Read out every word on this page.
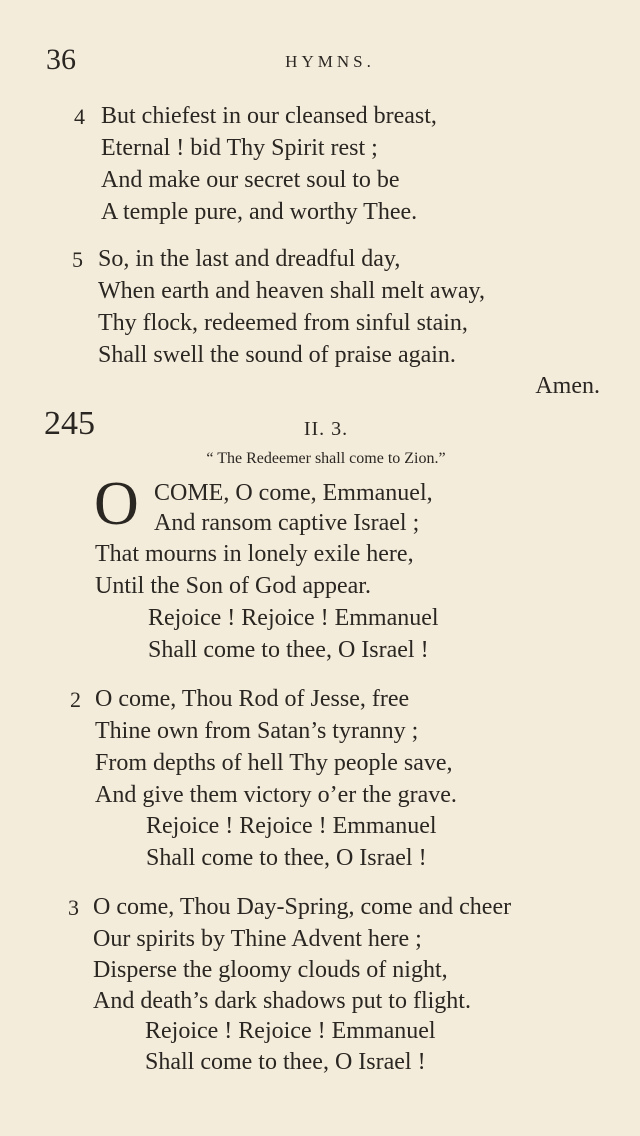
36	HYMNS.
4 But chiefest in our cleansed breast,
Eternal ! bid Thy Spirit rest ;
And make our secret soul to be
A temple pure, and worthy Thee.
5 So, in the last and dreadful day,
When earth and heaven shall melt away,
Thy flock, redeemed from sinful stain,
Shall swell the sound of praise again.
Amen.
245	II. 3.
“ The Redeemer shall come to Zion.”
O COME, O come, Emmanuel,
And ransom captive Israel ;
That mourns in lonely exile here,
Until the Son of God appear.
Rejoice ! Rejoice ! Emmanuel
Shall come to thee, O Israel !
2 O come, Thou Rod of Jesse, free
Thine own from Satan’s tyranny ;
From depths of hell Thy people save,
And give them victory o’er the grave.
Rejoice ! Rejoice ! Emmanuel
Shall come to thee, O Israel !
3 O come, Thou Day-Spring, come and cheer
Our spirits by Thine Advent here ;
Disperse the gloomy clouds of night,
And death’s dark shadows put to flight.
Rejoice ! Rejoice ! Emmanuel
Shall come to thee, O Israel !
